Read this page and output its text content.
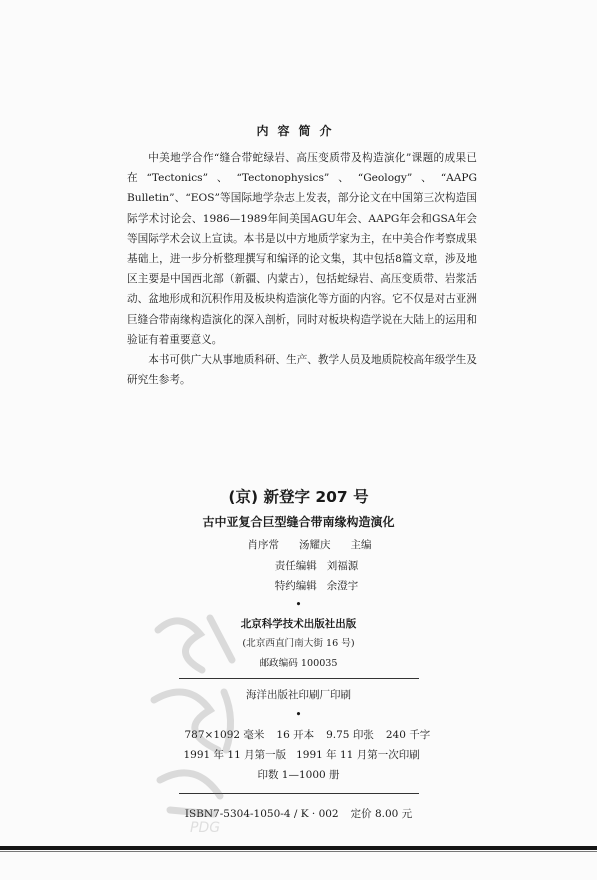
内容简介

中美地学合作“缝合带蛇绿岩、高压变质带及构造演化”课题的成果已在“Tectonics”、“Tectonophysics”、“Geology”、“AAPG Bulletin”、“EOS”等国际地学杂志上发表，部分论文在中国第三次构造国际学术讨论会、1986—1989年间美国AGU年会、AAPG年会和GSA年会等国际学术会议上宣读。本书是以中方地质学家为主，在中美合作考察成果基础上，进一步分析整理撰写和编译的论文集，其中包括8篇文章，涉及地区主要是中国西北部（新疆、内蒙古），包括蛇绿岩、高压变质带、岩浆活动、盆地形成和沉积作用及板块构造演化等方面的内容。它不仅是对古亚洲巨缝合带南缘构造演化的深入剖析，同时对板块构造学说在大陆上的运用和验证有着重要意义。

本书可供广大从事地质科研、生产、教学人员及地质院校高年级学生及研究生参考。

(京) 新登字 207 号
古中亚复合巨型缝合带南缘构造演化
肖序常 汤耀庆 主编
责任编辑 刘福源
特约编辑 余澄宇
•
北京科学技术出版社出版
(北京西直门南大街 16 号)
邮政编码 100035
海洋出版社印刷厂印刷
•
787×1092 毫米 16 开本 9.75 印张 240 千字
1991 年 11 月第一版 1991 年 11 月第一次印刷
印数 1—1000 册
ISBN7-5304-1050-4 / K · 002 定价 8.00 元
PDG
